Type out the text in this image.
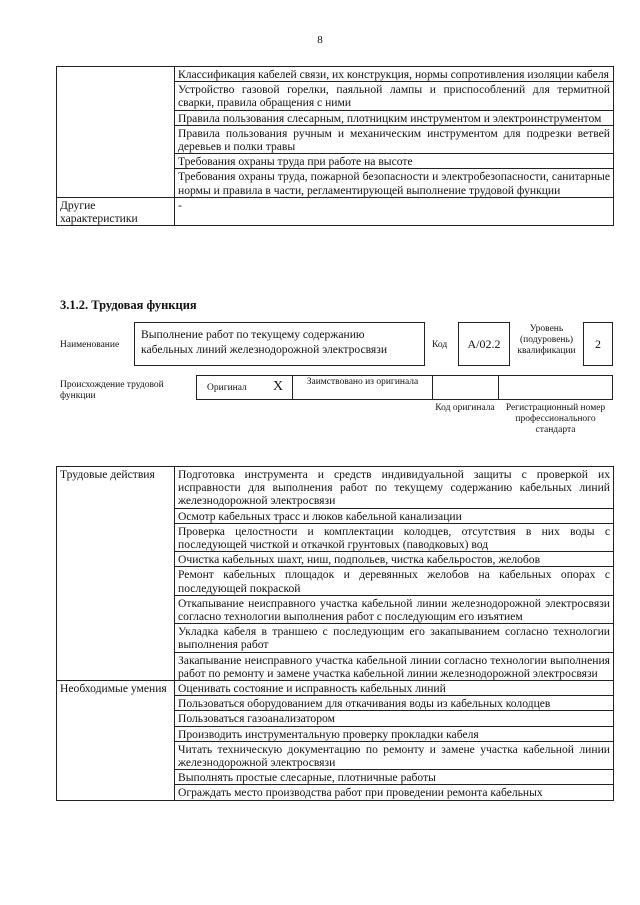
8
	Классификация кабелей связи, их конструкция, нормы сопротивления изоляции кабеля
	Устройство газовой горелки, паяльной лампы и приспособлений для термитной сварки, правила обращения с ними
	Правила пользования слесарным, плотницким инструментом и электроинструментом
	Правила пользования ручным и механическим инструментом для подрезки ветвей деревьев и полки травы
	Требования охраны труда при работе на высоте
	Требования охраны труда, пожарной безопасности и электробезопасности, санитарные нормы и правила в части, регламентирующей выполнение трудовой функции
Другие характеристики	-
3.1.2. Трудовая функция
Наименование
Выполнение работ по текущему содержанию кабельных линий железнодорожной электросвязи	Код	A/02.2
Уровень (подуровень) квалификации	2
Происхождение трудовой функции
Оригинал X	Заимствовано из оригинала
Код оригинала	Регистрационный номер профессионального стандарта
Трудовые действия	Подготовка инструмента и средств индивидуальной защиты с проверкой их исправности для выполнения работ по текущему содержанию кабельных линий железнодорожной электросвязи
	Осмотр кабельных трасс и люков кабельной канализации
	Проверка целостности и комплектации колодцев, отсутствия в них воды с последующей чисткой и откачкой грунтовых (паводковых) вод
	Очистка кабельных шахт, ниш, подпольев, чистка кабельростов, желобов
	Ремонт кабельных площадок и деревянных желобов на кабельных опорах с последующей покраской
	Откапывание неисправного участка кабельной линии железнодорожной электросвязи согласно технологии выполнения работ с последующим его изъятием
	Укладка кабеля в траншею с последующим его закапыванием согласно технологии выполнения работ
	Закапывание неисправного участка кабельной линии согласно технологии выполнения работ по ремонту и замене участка кабельной линии железнодорожной электросвязи
Необходимые умения	Оценивать состояние и исправность кабельных линий
	Пользоваться оборудованием для откачивания воды из кабельных колодцев
	Пользоваться газоанализатором
	Производить инструментальную проверку прокладки кабеля
	Читать техническую документацию по ремонту и замене участка кабельной линии железнодорожной электросвязи
	Выполнять простые слесарные, плотничные работы
	Ограждать место производства работ при проведении ремонта кабельных
